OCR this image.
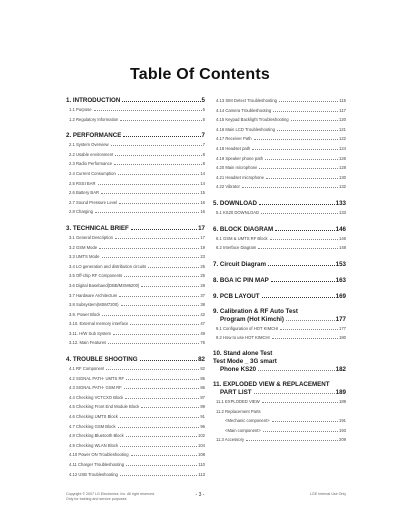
Table Of Contents
1. INTRODUCTION	5
1.1 Purpose	5
1.2 Regulatory Information	5
2. PERFORMANCE	7
2.1 System Overview	7
2.2 Usable environment	8
2.3 Radio Performance	8
2.4 Current Consumption	14
2.5 RSSI BAR	14
2.6 Battery BAR	15
2.7 Sound Pressure Level	16
2.8 Charging	16
3. TECHNICAL BRIEF	17
3.1 General Description	17
3.2 GSM Mode	19
3.3 UMTS Mode	23
3.4 LO generation and distribution circuits	25
3.5 Off-chip RF Components	25
3.6 Digital Baseband(DBB/MSM6200)	28
3.7 Hardware Architecture	37
3.8 Subsystem(MSM7200)	38
3.9. Power Block	42
3.10. External memory interface	47
3.11. H/W Sub System	49
3.12. Main Features	76
4. TROUBLE SHOOTING	82
4.1 RF Component	82
4.2 SIGNAL PATH- UMTS RF	85
4.3 SIGNAL PATH- GSM RF	86
4.4 Checking VCTCXO Block	87
4.5 Checking Front End Module Block	89
4.6 Checking UMTS Block	91
4.7 Checking GSM Block	96
4.8 Checking Bluetooth Block	102
4.9 Checking WLAN Block	104
4.10 Power ON Troubleshooting	108
4.11 Charger Troubleshooting	110
4.12 USB Troubleshooting	113
4.13 SIM Detect Troubleshooting	115
4.14 Camera Troubleshooting	117
4.15 Keypad Backlight Troubleshooting	120
4.16 Main LCD Troubleshooting	121
4.17 Receiver Path	122
4.18 Headset path	124
4.19 Speaker phone path	126
4.20 Main microphone	128
4.21 Headset microphone	130
4.22 Vibrator	132
5. DOWNLOAD	133
5.1 KS20 DOWNLOAD	133
6. BLOCK DIAGRAM	146
6.1 GSM & UMTS RF Block	146
6.2 Interface Diagram	148
7. Circuit Diagram	153
8. BGA IC PIN MAP	163
9. PCB LAYOUT	169
9. Calibration & RF Auto Test
Program (Hot Kimchi)	177
9.1 Configuration of HOT KIMCHI	177
9.2 How to use HOT KIMCHI	180
10. Stand alone Test
Test Mode _ 3G smart
Phone KS20	182
11. EXPLODED VIEW & REPLACEMENT
PART LIST	189
11.1 EXPLODED VIEW	189
11.2 Replacement Parts
<Mechanic component>	191
<Main component>	193
11.3 Accessory	209
Copyright © 2007 LG Electronics. Inc. All right reserved.
Only for training and service purposes
- 3 -	LGE Internal Use Only
